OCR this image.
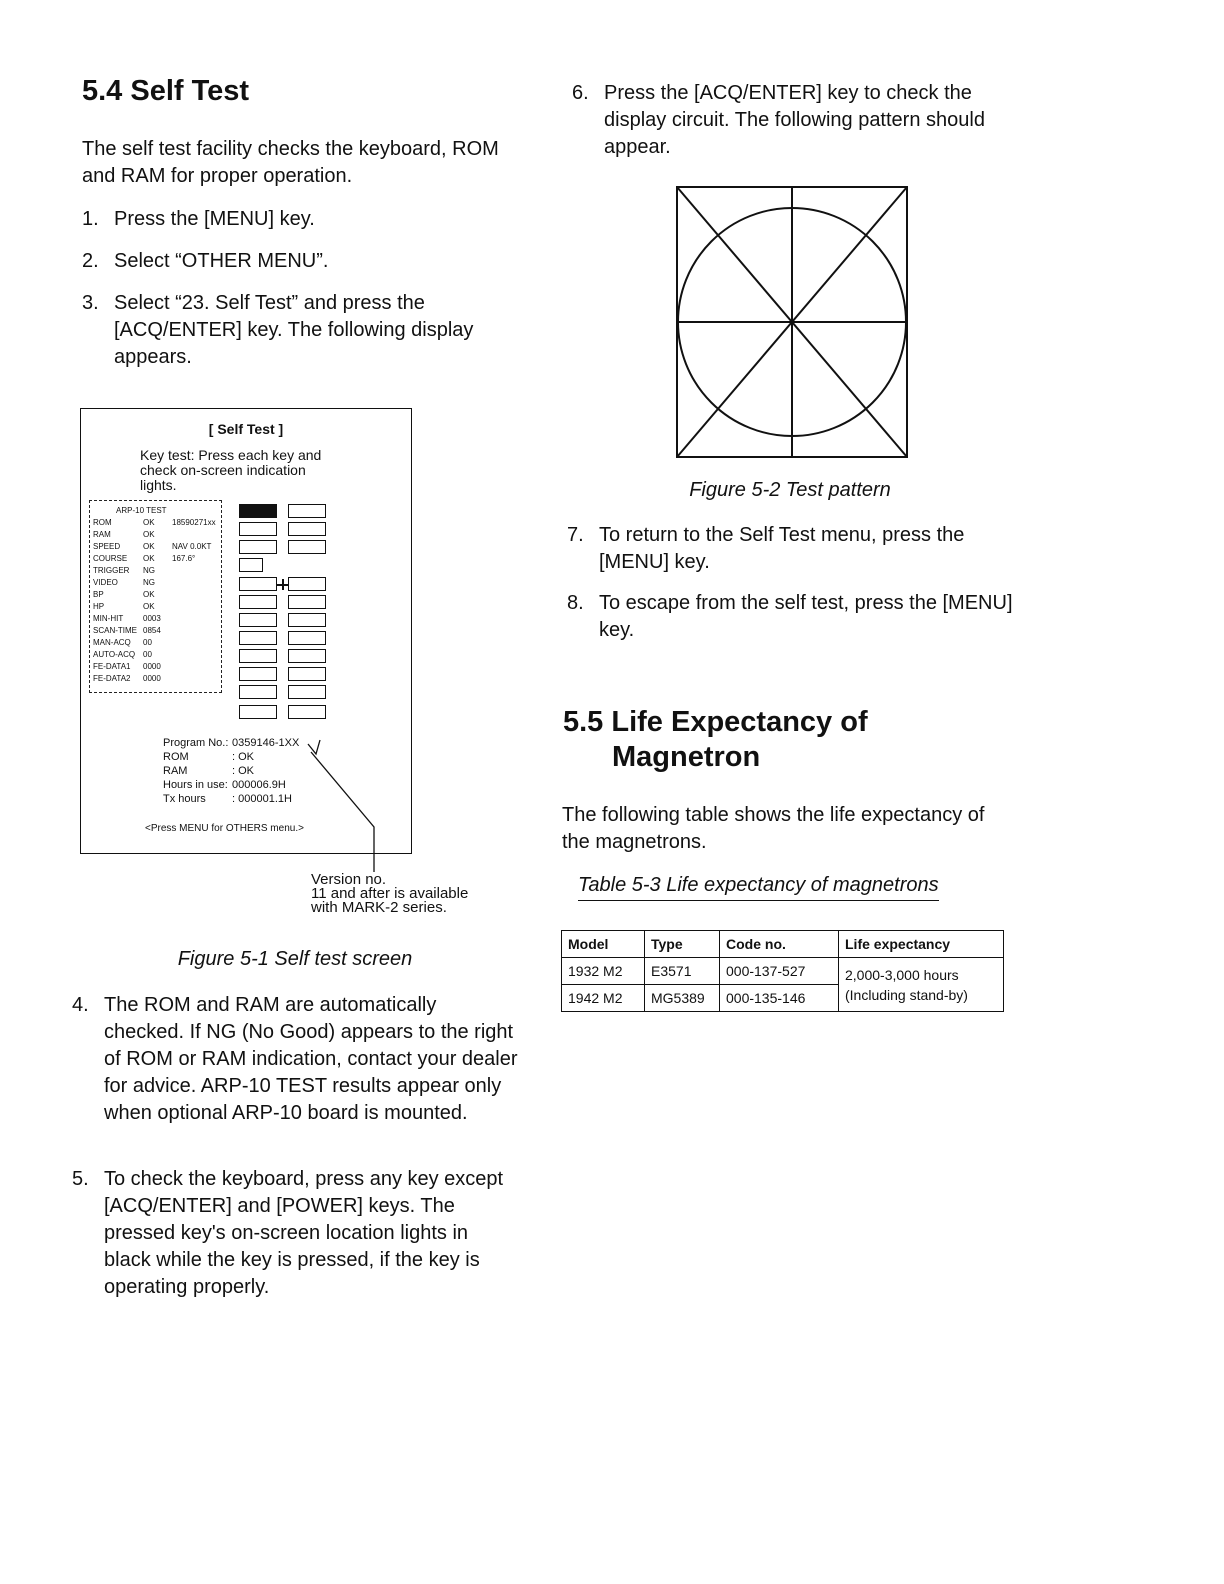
5.4 Self Test
The self test facility checks the keyboard, ROM and RAM for proper operation.
1. Press the [MENU] key.
2. Select “OTHER MENU”.
3. Select “23. Self Test” and press the [ACQ/ENTER] key. The following display appears.
[ Self Test ]
Key test: Press each key and
check on-screen indication
lights.
ARP-10 TEST
ROM	OK 18590271xx
RAM	OK
SPEED	OK NAV 0.0KT
COURSE OK 167.6°
TRIGGER NG
VIDEO	NG
BP	OK
HP	OK
MIN-HIT 0003
SCAN-TIME 0854
MAN-ACQ 00
AUTO-ACQ 00
FE-DATA1 0000
FE-DATA2 0000
Program No.: 0359146-1XX
ROM	: OK
RAM	: OK
Hours in use: 000006.9H
Tx hours : 000001.1H
<Press MENU for OTHERS menu.>
Version no.
11 and after is available
with MARK-2 series.
Figure 5-1 Self test screen
4. The ROM and RAM are automatically checked. If NG (No Good) appears to the right of ROM or RAM indication, contact your dealer for advice. ARP-10 TEST results appear only when optional ARP-10 board is mounted.
5. To check the keyboard, press any key except [ACQ/ENTER] and [POWER] keys. The pressed key's on-screen location lights in black while the key is pressed, if the key is operating properly.
6. Press the [ACQ/ENTER] key to check the display circuit. The following pattern should appear.
Figure 5-2 Test pattern
7. To return to the Self Test menu, press the [MENU] key.
8. To escape from the self test, press the [MENU] key.
5.5 Life Expectancy of
Magnetron
The following table shows the life expectancy of the magnetrons.
Table 5-3 Life expectancy of magnetrons
Model	Type	Code no.	Life expectancy
1932 M2	E3571	000-137-527	2,000-3,000 hours (Including stand-by)
1942 M2	MG5389	000-135-146	
